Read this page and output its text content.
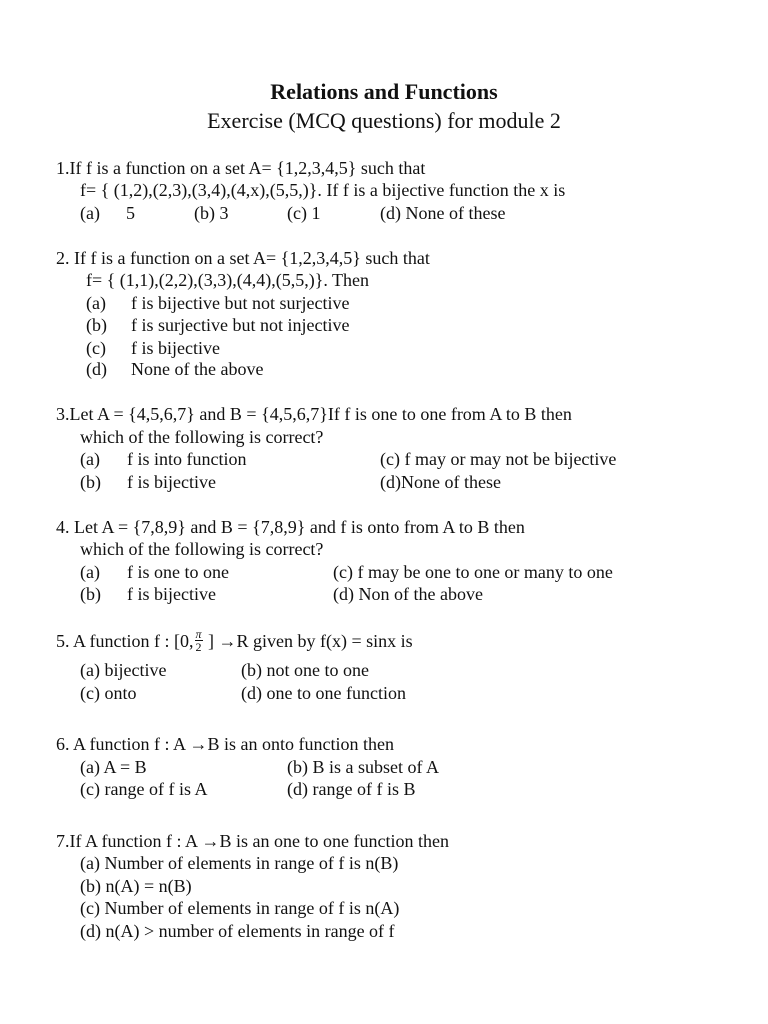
Relations and Functions
Exercise (MCQ questions) for module 2
1.If f is a function on a set A= {1,2,3,4,5} such that
f= { (1,2),(2,3),(3,4),(4,x),(5,5,)}. If f is a bijective function the x is
(a) 5	(b) 3	(c) 1	(d) None of these
2. If f is a function on a set A= {1,2,3,4,5} such that
f= { (1,1),(2,2),(3,3),(4,4),(5,5,)}. Then
(a) f is bijective but not surjective
(b) f is surjective but not injective
(c) f is bijective
(d) None of the above
3.Let A = {4,5,6,7} and B = {4,5,6,7}If f is one to one from A to B then
which of the following is correct?
(a) f is into function	(c) f may or may not be bijective
(b) f is bijective	(d)None of these
4. Let A = {7,8,9} and B = {7,8,9} and f is onto from A to B then
which of the following is correct?
(a) f is one to one	(c) f may be one to one or many to one
(b) f is bijective	(d) Non of the above
5. A function f : [0, $\frac{\pi}{2}$ ] →R given by f(x) = sinx is
(a) bijective	(b) not one to one
(c) onto	(d) one to one function
6. A function f : A →B is an onto function then
(a) A = B	(b) B is a subset of A
(c) range of f is A	(d) range of f is B
7.If A function f : A →B is an one to one function then
(a) Number of elements in range of f is n(B)
(b) n(A) = n(B)
(c) Number of elements in range of f is n(A)
(d) n(A) > number of elements in range of f
